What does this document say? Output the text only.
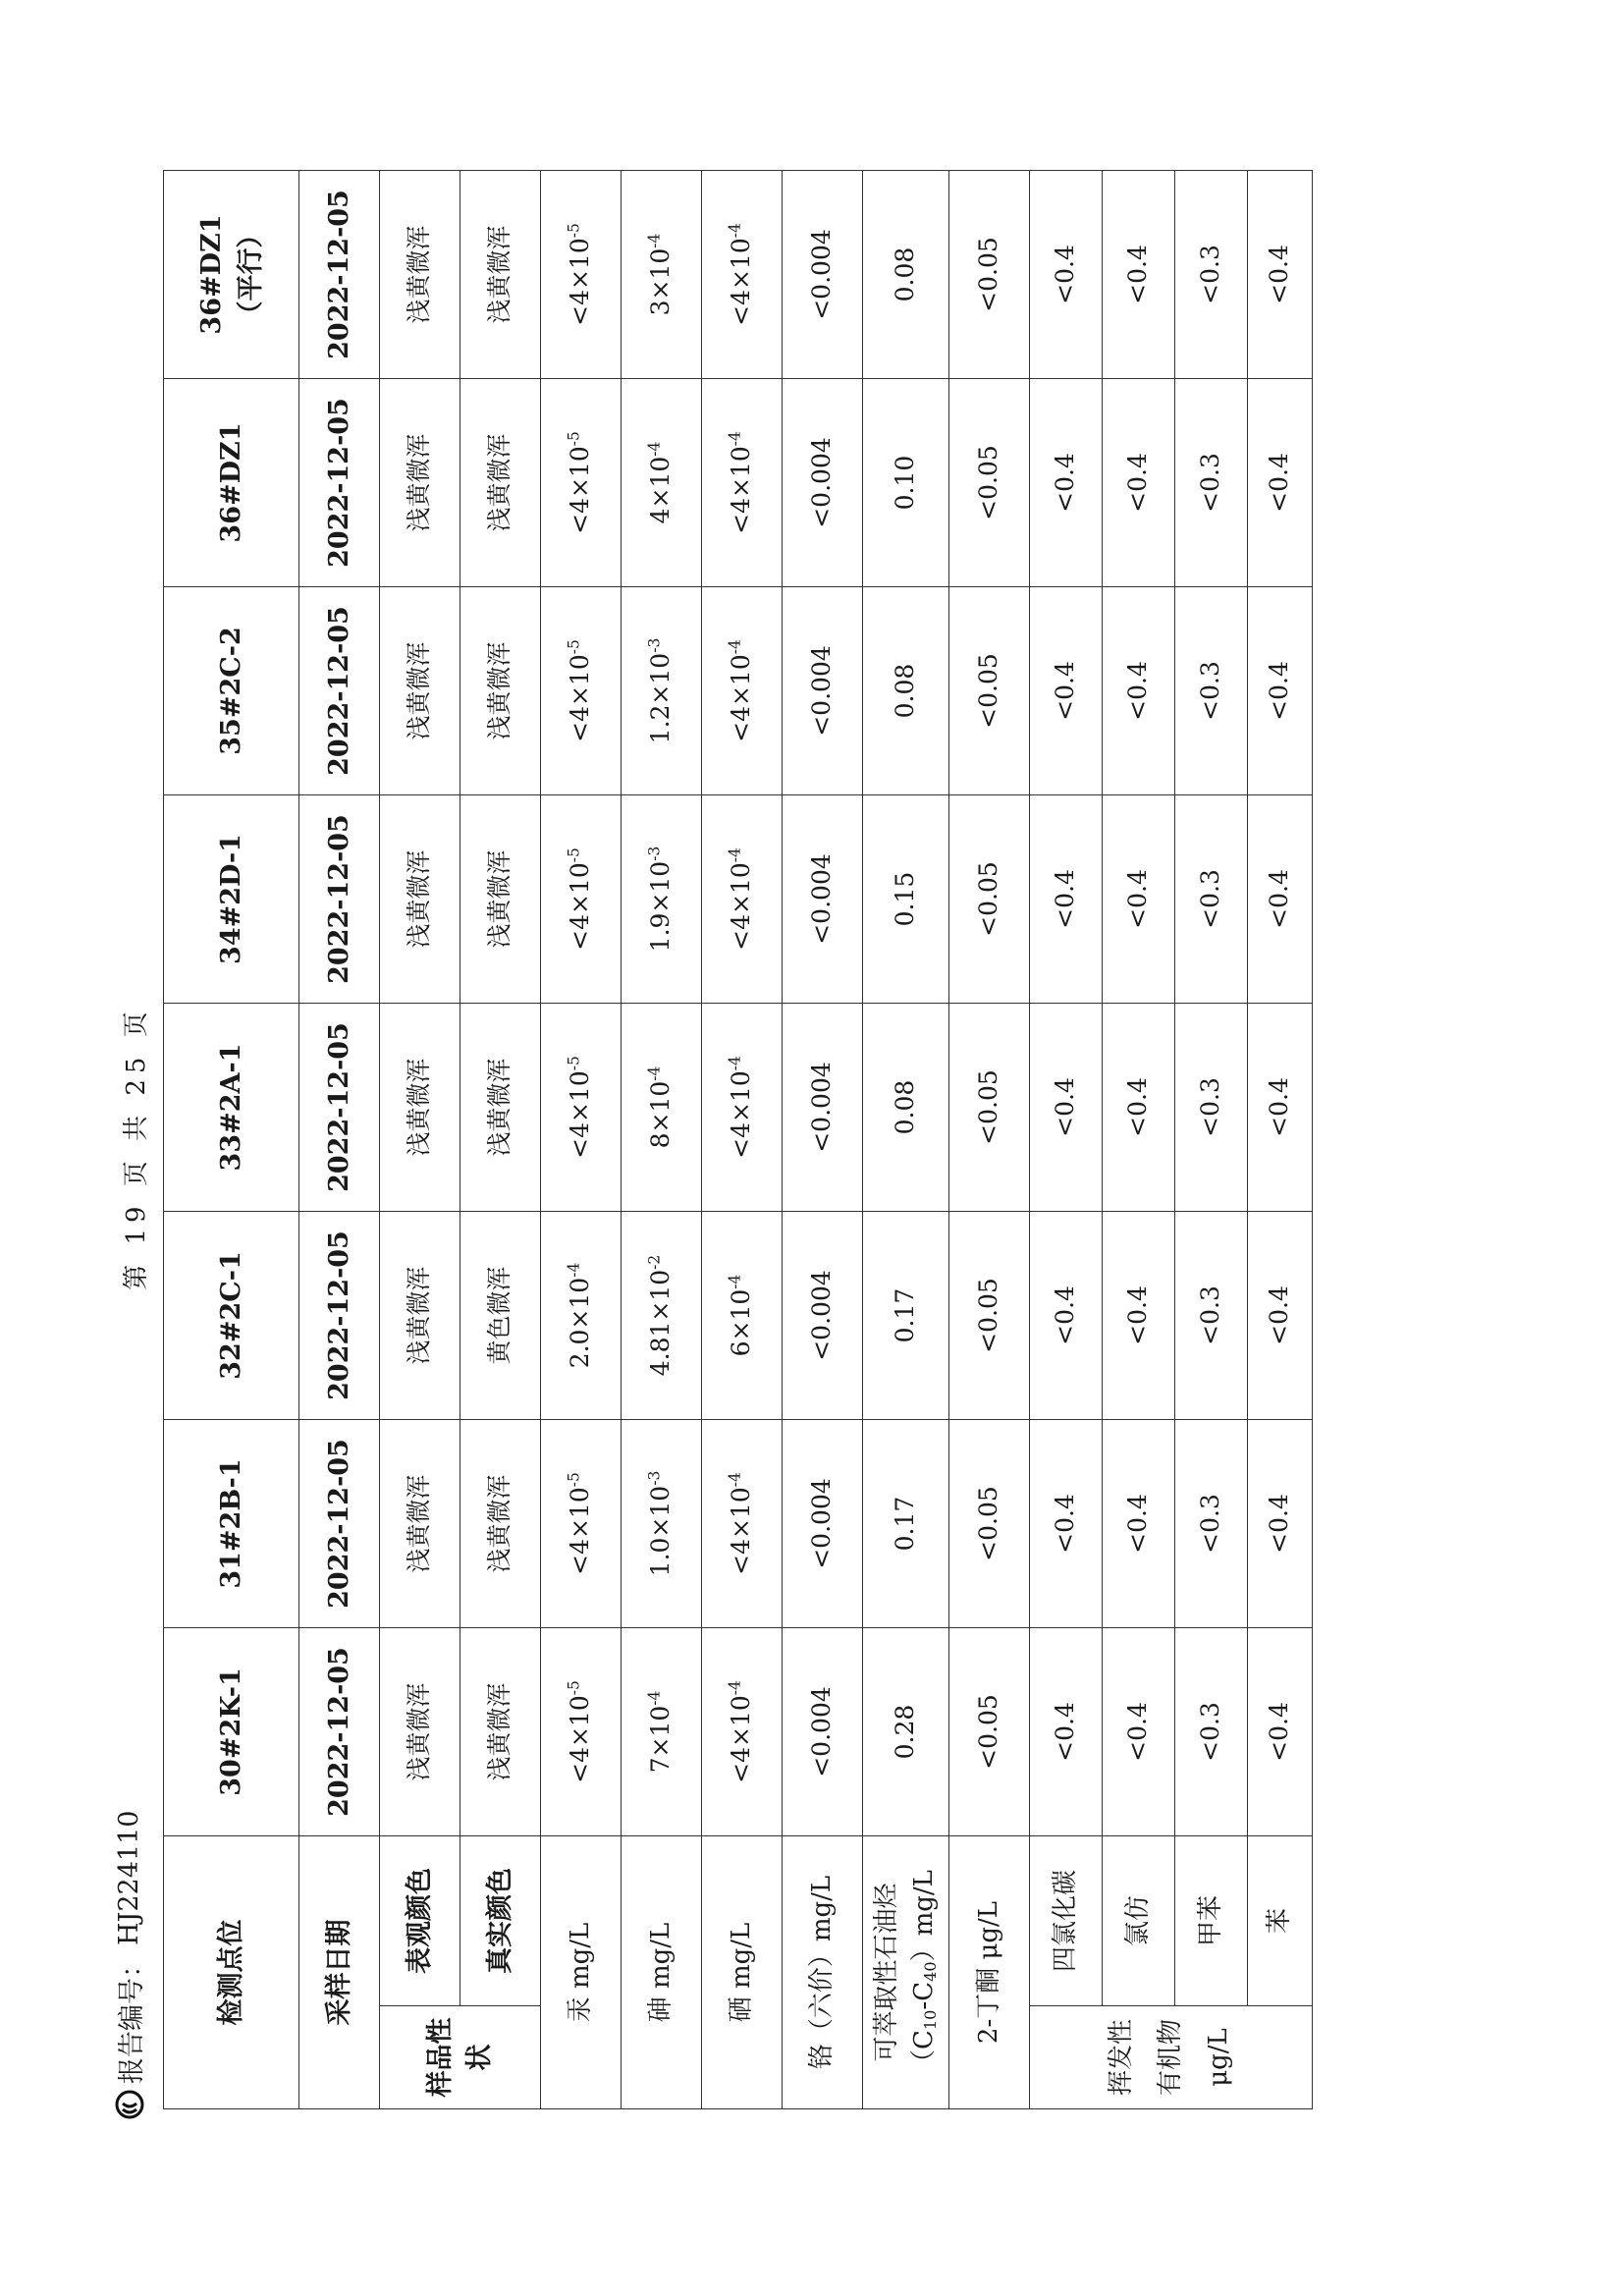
报告编号：
HJ224110
第 19 页 共 25 页
检测点位		30#2K-1	31#2B-1	32#2C-1	33#2A-1	34#2D-1	35#2C-2	36#DZ1	36#DZ1 （平行）
采样日期		2022-12-05	2022-12-05	2022-12-05	2022-12-05	2022-12-05	2022-12-05	2022-12-05	2022-12-05
样品性状	表观颜色	浅黄微浑	浅黄微浑	浅黄微浑	浅黄微浑	浅黄微浑	浅黄微浑	浅黄微浑	浅黄微浑
	真实颜色	浅黄微浑	浅黄微浑	黄色微浑	浅黄微浑	浅黄微浑	浅黄微浑	浅黄微浑	浅黄微浑
汞 mg/L		$<4\times 10^{-5}$	$<4\times 10^{-5}$	$2.0\times 10^{-4}$	$<4\times 10^{-5}$	$<4\times 10^{-5}$	$<4\times 10^{-5}$	$<4\times 10^{-5}$	$<4\times 10^{-5}$
砷 mg/L		$7\times 10^{-4}$	$1.0\times 10^{-3}$	$4.81\times 10^{-2}$	$8\times 10^{-4}$	$1.9\times 10^{-3}$	$1.2\times 10^{-3}$	$4\times 10^{-4}$	$3\times 10^{-4}$
硒 mg/L		$<4\times 10^{-4}$	$<4\times 10^{-4}$	$6\times 10^{-4}$	$<4\times 10^{-4}$	$<4\times 10^{-4}$	$<4\times 10^{-4}$	$<4\times 10^{-4}$	$<4\times 10^{-4}$
铬（六价）mg/L		<0.004	<0.004	<0.004	<0.004	<0.004	<0.004	<0.004	<0.004
可萃取性石油烃 $(C_{10}-C_{40})mg/L$		0.28	0.17	0.17	0.08	0.15	0.08	0.10	0.08
2-丁酮 μg/L		<0.05	<0.05	<0.05	<0.05	<0.05	<0.05	<0.05	<0.05
挥发性有机物μg/L	四氯化碳	<0.4	<0.4	<0.4	<0.4	<0.4	<0.4	<0.4	<0.4
	氯仿	<0.4	<0.4	<0.4	<0.4	<0.4	<0.4	<0.4	<0.4
	甲苯	<0.3	<0.3	<0.3	<0.3	<0.3	<0.3	<0.3	<0.3
	苯	<0.4	<0.4	<0.4	<0.4	<0.4	<0.4	<0.4	<0.4
